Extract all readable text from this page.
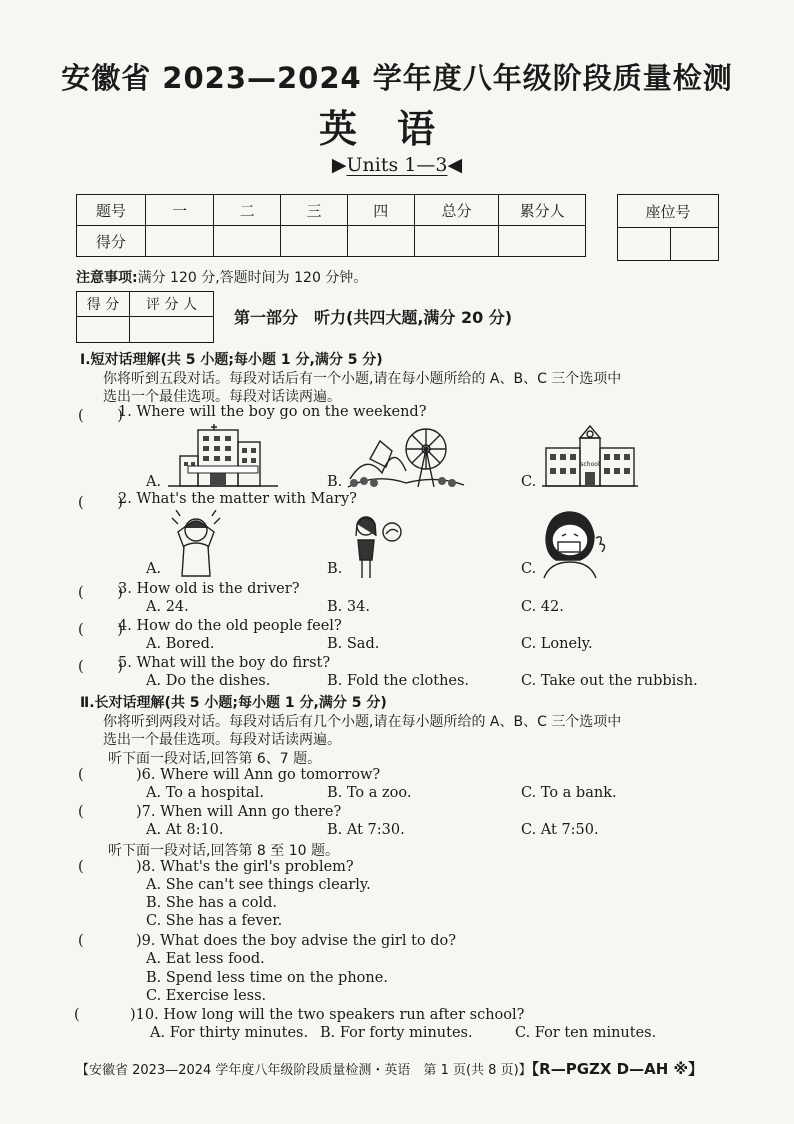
安徽省 2023—2024 学年度八年级阶段质量检测
英语
▶Units 1—3◀
题号	一	二	三	四	总分	累分人
得分						
座位号

注意事项:满分 120 分,答题时间为 120 分钟。
得 分	评 分 人

第一部分　听力(共四大题,满分 20 分)
Ⅰ.短对话理解(共 5 小题;每小题 1 分,满分 5 分)
你将听到五段对话。每段对话后有一个小题,请在每小题所给的 A、B、C 三个选项中
选出一个最佳选项。每段对话读两遍。
(　　 )
1. Where will the boy go on the weekend?
A.	B.	C.
school
(　　 )
2. What's the matter with Mary?
A.	B.	C.
(　　 )
3. How old is the driver?
A. 24.	B. 34.	C. 42.
(　　 )
4. How do the old people feel?
A. Bored.	B. Sad.	C. Lonely.
(　　 )
5. What will the boy do first?
A. Do the dishes.	B. Fold the clothes.	C. Take out the rubbish.
Ⅱ.长对话理解(共 5 小题;每小题 1 分,满分 5 分)
你将听到两段对话。每段对话后有几个小题,请在每小题所给的 A、B、C 三个选项中
选出一个最佳选项。每段对话读两遍。
听下面一段对话,回答第 6、7 题。
(	)6. Where will Ann go tomorrow?
A. To a hospital.	B. To a zoo.	C. To a bank.
(	)7. When will Ann go there?
A. At 8:10.	B. At 7:30.	C. At 7:50.
听下面一段对话,回答第 8 至 10 题。
(	)8. What's the girl's problem?
A. She can't see things clearly.
B. She has a cold.
C. She has a fever.
(	)9. What does the boy advise the girl to do?
A. Eat less food.
B. Spend less time on the phone.
C. Exercise less.
(	)10. How long will the two speakers run after school?
A. For thirty minutes. B. For forty minutes.	C. For ten minutes.
【安徽省 2023—2024 学年度八年级阶段质量检测・英语　第 1 页(共 8 页)】【R—PGZX D—AH ※】
